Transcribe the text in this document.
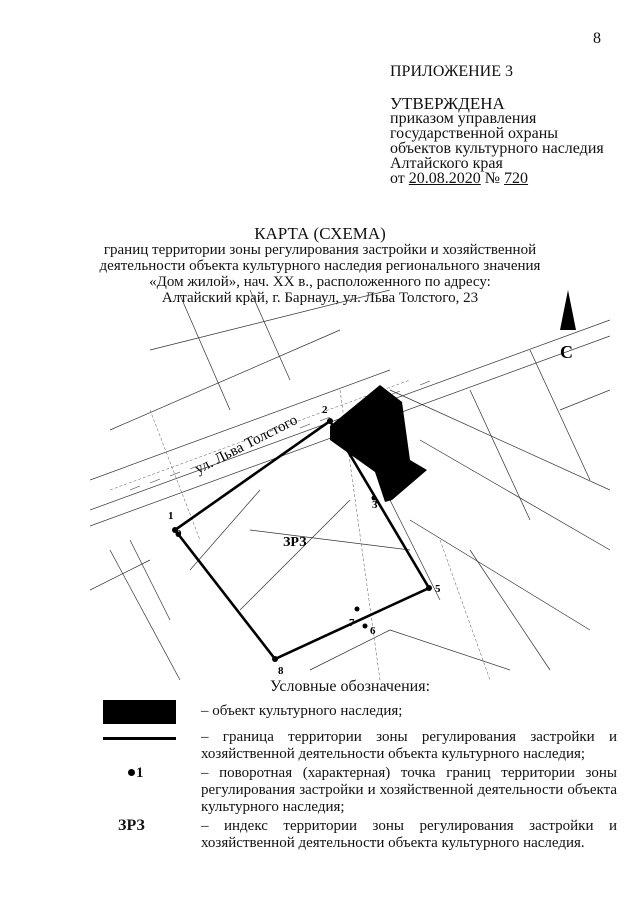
8
ПРИЛОЖЕНИЕ 3
УТВЕРЖДЕНА
приказом управления
государственной охраны
объектов культурного наследия
Алтайского края
от 20.08.2020 № 720
КАРТА (СХЕМА)
границ территории зоны регулирования застройки и хозяйственной
деятельности объекта культурного наследия регионального значения
«Дом жилой», нач. XX в., расположенного по адресу:
Алтайский край, г. Барнаул, ул. Льва Толстого, 23
1
2
8
4
5
6
7
9
3
ул. Льва Толстого
ЗРЗ
С
Условные обозначения:
– объект культурного наследия;
– граница территории зоны регулирования застройки и
хозяйственной деятельности объекта культурного наследия;
1	– поворотная (характерная) точка границ территории зоны
регулирования застройки и хозяйственной деятельности объекта
культурного наследия;
ЗРЗ	– индекс территории зоны регулирования застройки и
хозяйственной деятельности объекта культурного наследия.
